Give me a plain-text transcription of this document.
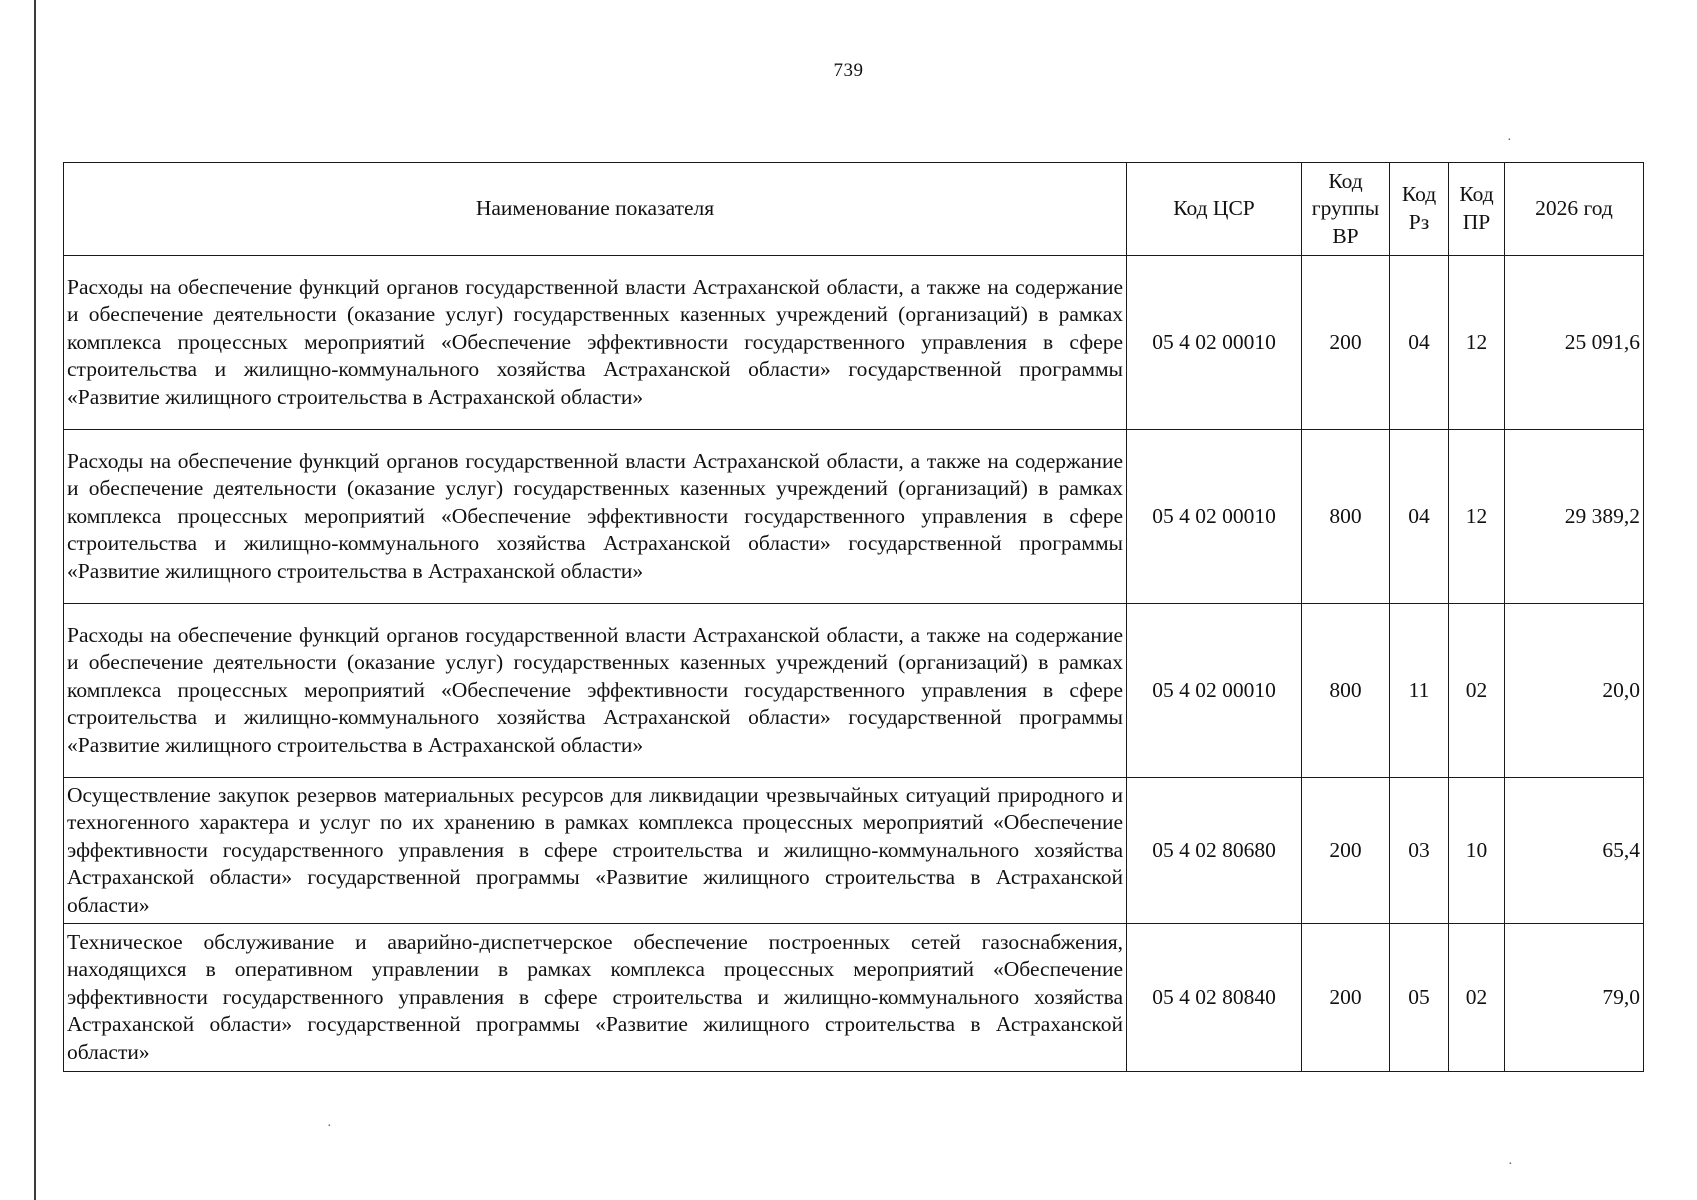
739
Наименование показателя	Код ЦСР	Код группы ВР	Код Рз	Код ПР	2026 год
Расходы на обеспечение функций органов государственной власти Астраханской области, а также на содержание и обеспечение деятельности (оказание услуг) государственных казенных учреждений (организаций) в рамках комплекса процессных мероприятий «Обеспечение эффективности государственного управления в сфере строительства и жилищно-коммунального хозяйства Астраханской области» государственной программы «Развитие жилищного строительства в Астраханской области»	05 4 02 00010	200	04	12	25 091,6
Расходы на обеспечение функций органов государственной власти Астраханской области, а также на содержание и обеспечение деятельности (оказание услуг) государственных казенных учреждений (организаций) в рамках комплекса процессных мероприятий «Обеспечение эффективности государственного управления в сфере строительства и жилищно-коммунального хозяйства Астраханской области» государственной программы «Развитие жилищного строительства в Астраханской области»	05 4 02 00010	800	04	12	29 389,2
Расходы на обеспечение функций органов государственной власти Астраханской области, а также на содержание и обеспечение деятельности (оказание услуг) государственных казенных учреждений (организаций) в рамках комплекса процессных мероприятий «Обеспечение эффективности государственного управления в сфере строительства и жилищно-коммунального хозяйства Астраханской области» государственной программы «Развитие жилищного строительства в Астраханской области»	05 4 02 00010	800	11	02	20,0
Осуществление закупок резервов материальных ресурсов для ликвидации чрезвычайных ситуаций природного и техногенного характера и услуг по их хранению в рамках комплекса процессных мероприятий «Обеспечение эффективности государственного управления в сфере строительства и жилищно-коммунального хозяйства Астраханской области» государственной программы «Развитие жилищного строительства в Астраханской области»	05 4 02 80680	200	03	10	65,4
Техническое обслуживание и аварийно-диспетчерское обеспечение построенных сетей газоснабжения, находящихся в оперативном управлении в рамках комплекса процессных мероприятий «Обеспечение эффективности государственного управления в сфере строительства и жилищно-коммунального хозяйства Астраханской области» государственной программы «Развитие жилищного строительства в Астраханской области»	05 4 02 80840	200	05	02	79,0
·
·
·
